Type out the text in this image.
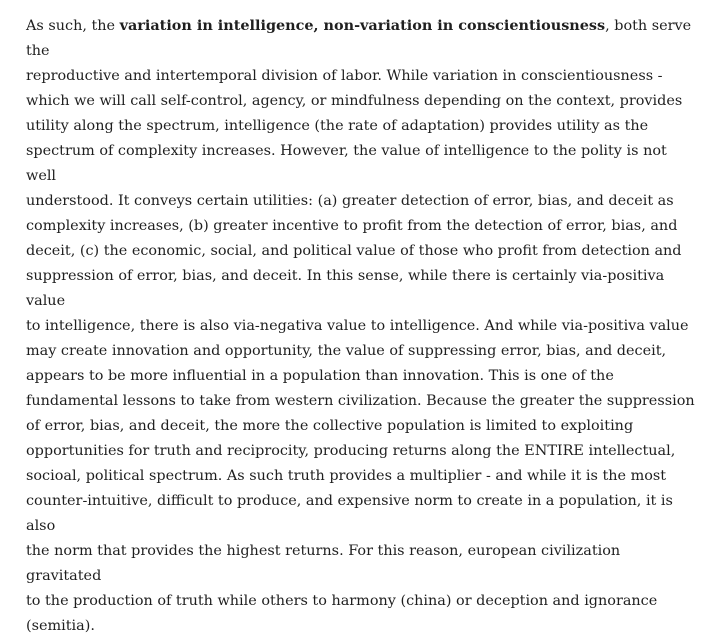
As such, the variation in intelligence, non-variation in conscientiousness, both serve the
reproductive and intertemporal division of labor. While variation in conscientiousness -
which we will call self-control, agency, or mindfulness depending on the context, provides
utility along the spectrum, intelligence (the rate of adaptation) provides utility as the
spectrum of complexity increases. However, the value of intelligence to the polity is not well
understood. It conveys certain utilities: (a) greater detection of error, bias, and deceit as
complexity increases, (b) greater incentive to profit from the detection of error, bias, and
deceit, (c) the economic, social, and political value of those who profit from detection and
suppression of error, bias, and deceit. In this sense, while there is certainly via-positiva value
to intelligence, there is also via-negativa value to intelligence. And while via-positiva value
may create innovation and opportunity, the value of suppressing error, bias, and deceit,
appears to be more influential in a population than innovation. This is one of the
fundamental lessons to take from western civilization. Because the greater the suppression
of error, bias, and deceit, the more the collective population is limited to exploiting
opportunities for truth and reciprocity, producing returns along the ENTIRE intellectual,
socioal, political spectrum. As such truth provides a multiplier - and while it is the most
counter-intuitive, difficult to produce, and expensive norm to create in a population, it is also
the norm that provides the highest returns. For this reason, european civilization gravitated
to the production of truth while others to harmony (china) or deception and ignorance
(semitia).
